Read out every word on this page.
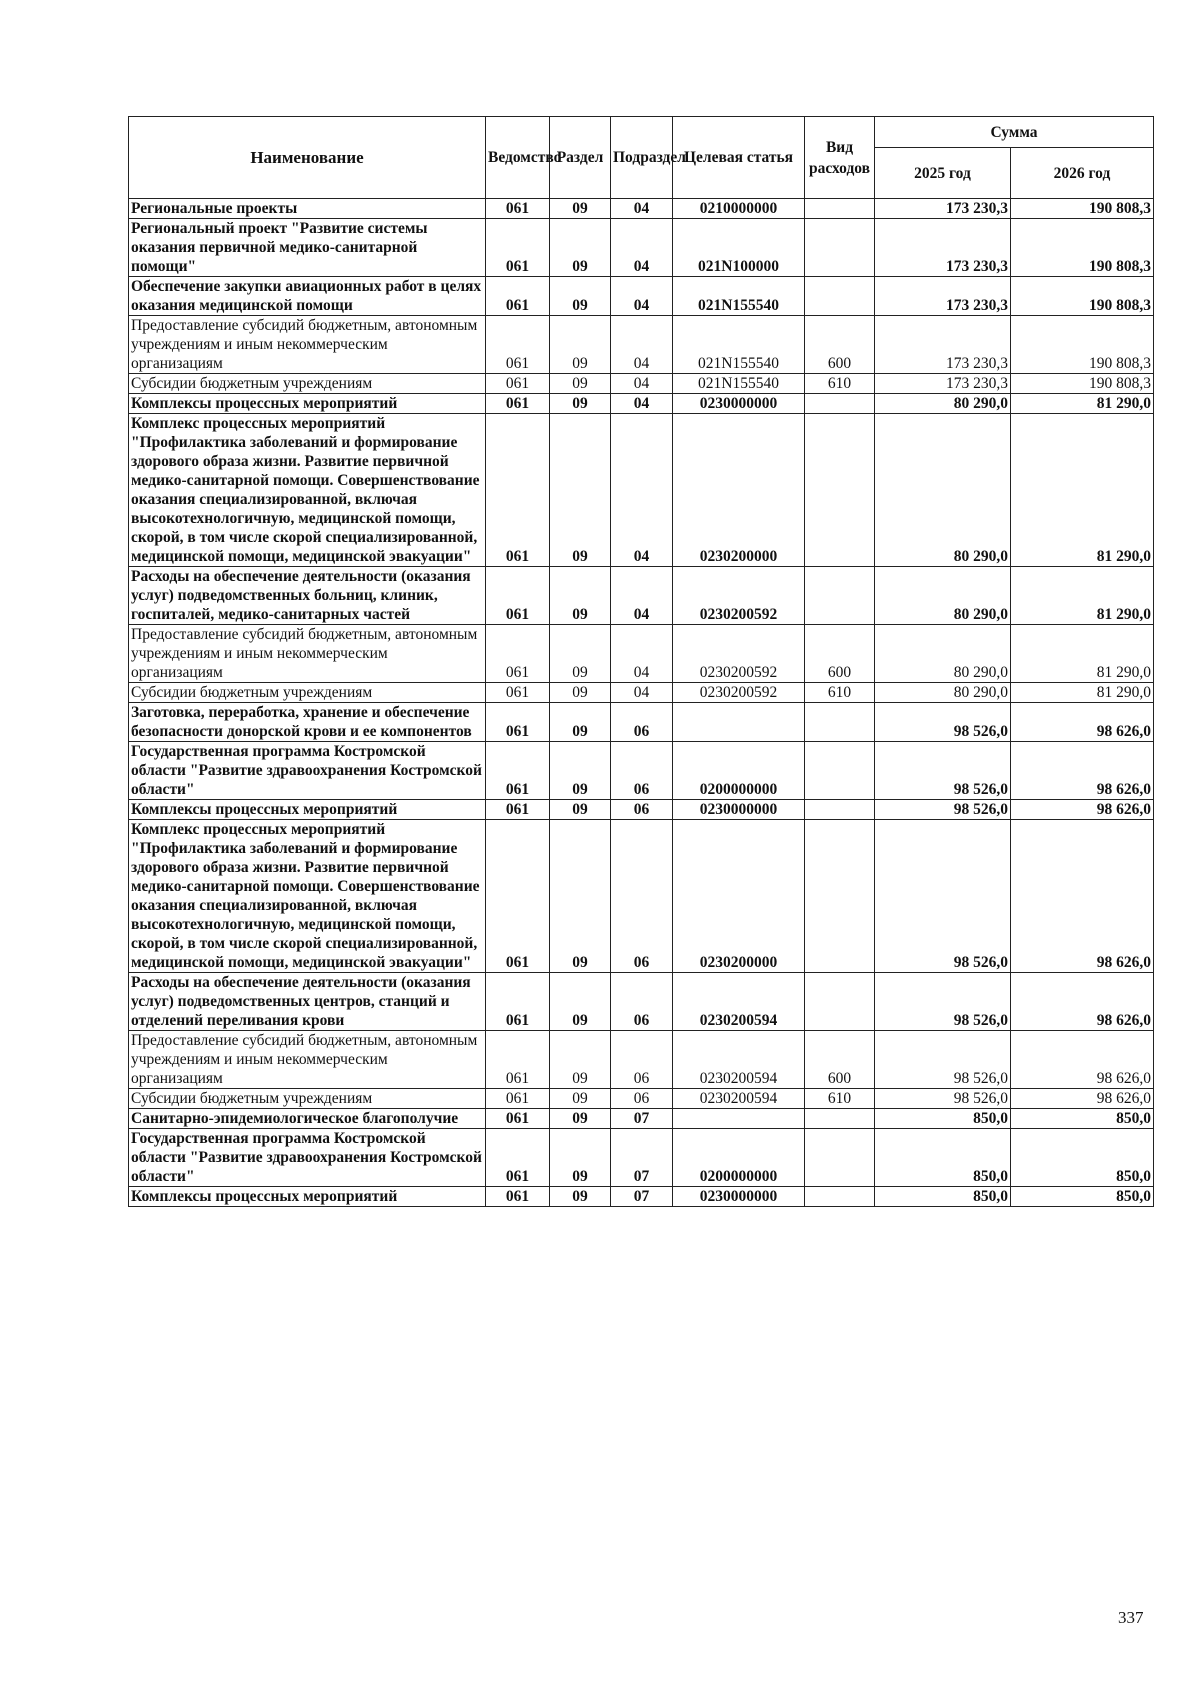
Наименование	Ведомство	Раздел	Подраздел	Целевая статья	Вид расходов	Сумма	
						2025 год	2026 год
Региональные проекты	061	09	04	0210000000		173 230,3	190 808,3
Региональный проект "Развитие системы оказания первичной медико-санитарной помощи"	061	09	04	021N100000		173 230,3	190 808,3
Обеспечение закупки авиационных работ в целях оказания медицинской помощи	061	09	04	021N155540		173 230,3	190 808,3
Предоставление субсидий бюджетным, автономным учреждениям и иным некоммерческим организациям	061	09	04	021N155540	600	173 230,3	190 808,3
Субсидии бюджетным учреждениям	061	09	04	021N155540	610	173 230,3	190 808,3
Комплексы процессных мероприятий	061	09	04	0230000000		80 290,0	81 290,0
Комплекс процессных мероприятий "Профилактика заболеваний и формирование здорового образа жизни. Развитие первичной медико-санитарной помощи. Совершенствование оказания специализированной, включая высокотехнологичную, медицинской помощи, скорой, в том числе скорой специализированной, медицинской помощи, медицинской эвакуации"	061	09	04	0230200000		80 290,0	81 290,0
Расходы на обеспечение деятельности (оказания услуг) подведомственных больниц, клиник, госпиталей, медико-санитарных частей	061	09	04	0230200592		80 290,0	81 290,0
Предоставление субсидий бюджетным, автономным учреждениям и иным некоммерческим организациям	061	09	04	0230200592	600	80 290,0	81 290,0
Субсидии бюджетным учреждениям	061	09	04	0230200592	610	80 290,0	81 290,0
Заготовка, переработка, хранение и обеспечение безопасности донорской крови и ее компонентов	061	09	06			98 526,0	98 626,0
Государственная программа Костромской области "Развитие здравоохранения Костромской области"	061	09	06	0200000000		98 526,0	98 626,0
Комплексы процессных мероприятий	061	09	06	0230000000		98 526,0	98 626,0
Комплекс процессных мероприятий "Профилактика заболеваний и формирование здорового образа жизни. Развитие первичной медико-санитарной помощи. Совершенствование оказания специализированной, включая высокотехнологичную, медицинской помощи, скорой, в том числе скорой специализированной, медицинской помощи, медицинской эвакуации"	061	09	06	0230200000		98 526,0	98 626,0
Расходы на обеспечение деятельности (оказания услуг) подведомственных центров, станций и отделений переливания крови	061	09	06	0230200594		98 526,0	98 626,0
Предоставление субсидий бюджетным, автономным учреждениям и иным некоммерческим организациям	061	09	06	0230200594	600	98 526,0	98 626,0
Субсидии бюджетным учреждениям	061	09	06	0230200594	610	98 526,0	98 626,0
Санитарно-эпидемиологическое благополучие	061	09	07			850,0	850,0
Государственная программа Костромской области "Развитие здравоохранения Костромской области"	061	09	07	0200000000		850,0	850,0
Комплексы процессных мероприятий	061	09	07	0230000000		850,0	850,0
337
